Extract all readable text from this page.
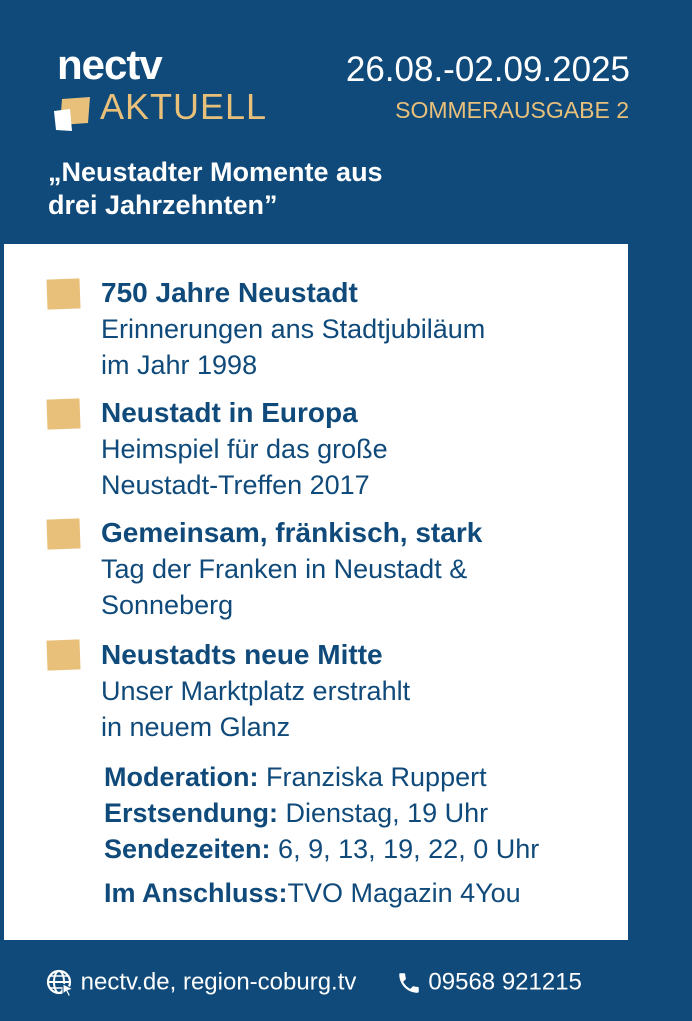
nectv
AKTUELL
26.08.-02.09.2025
SOMMERAUSGABE 2
„Neustadter Momente aus
drei Jahrzehnten”
750 Jahre Neustadt
Erinnerungen ans Stadtjubiläum
im Jahr 1998
Neustadt in Europa
Heimspiel für das große
Neustadt-Treffen 2017
Gemeinsam, fränkisch, stark
Tag der Franken in Neustadt &
Sonneberg
Neustadts neue Mitte
Unser Marktplatz erstrahlt
in neuem Glanz
Moderation: Franziska Ruppert
Erstsendung: Dienstag, 19 Uhr
Sendezeiten: 6, 9, 13, 19, 22, 0 Uhr
Im Anschluss:TVO Magazin 4You
nectv.de, region-coburg.tv	09568 921215
